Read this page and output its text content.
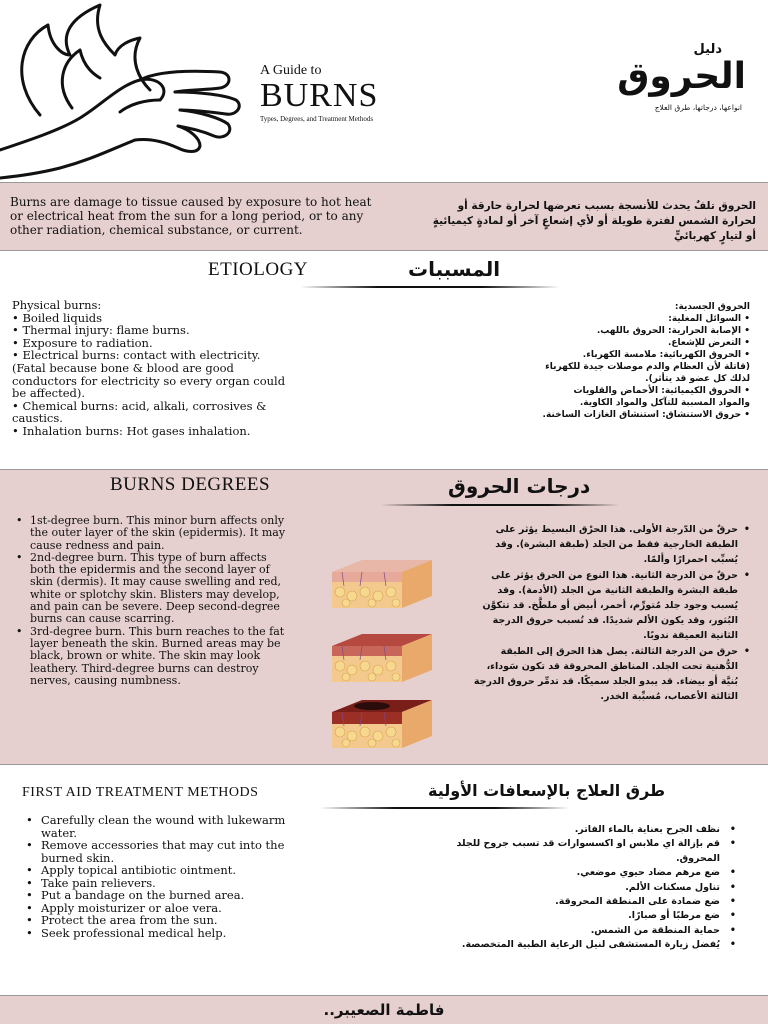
A Guide to
BURNS
Types, Degrees, and Treatment Methods
دليل
الحروق
انواعها، درجاتها، طرق العلاج
Burns are damage to tissue caused by exposure to hot heat or electrical heat from the sun for a long period, or to any other radiation, chemical substance, or current.
الحروق تلفٌ يحدث للأنسجة بسبب تعرضها لحرارة حارقة أو لحرارة الشمس لفترة طويلة أو لأي إشعاعٍ آخر أو لمادةٍ كيميائيةٍ أو لتيارٍ كهربائيٍّ
ETIOLOGY	المسببات
Physical burns:
• Boiled liquids
• Thermal injury: flame burns.
• Exposure to radiation.
• Electrical burns: contact with electricity. (Fatal because bone & blood are good conductors for electricity so every organ could be affected).
• Chemical burns: acid, alkali, corrosives & caustics.
• Inhalation burns: Hot gases inhalation.
الحروق الجسدية:
• السوائل المغلية:
• الإصابة الحرارية: الحروق باللهب.
• التعرض للإشعاع.
• الحروق الكهربائية: ملامسة الكهرباء.
(قاتلة لأن العظام والدم موصلات جيدة للكهرباء لذلك كل عضو قد يتأثر).
• الحروق الكيميائية: الأحماض والقلويات والمواد المسببة للتآكل والمواد الكاوية.
• حروق الاستنشاق: استنشاق الغازات الساخنة.
BURNS DEGREES	درجات الحروق
• 1st-degree burn. This minor burn affects only the outer layer of the skin (epidermis). It may cause redness and pain.
• 2nd-degree burn. This type of burn affects both the epidermis and the second layer of skin (dermis). It may cause swelling and red, white or splotchy skin. Blisters may develop, and pain can be severe. Deep second-degree burns can cause scarring.
• 3rd-degree burn. This burn reaches to the fat layer beneath the skin. Burned areas may be black, brown or white. The skin may look leathery. Third-degree burns can destroy nerves, causing numbness.
• حرقٌ من الدّرجة الأولى. هذا الحرْق البسيط يؤثر على الطبقة الخارجية فقط من الجلد (طبقة البشرة). وقد يُسبِّب احمرارًا وألمًا.
• حرقٌ من الدرجة الثانية. هذا النوع من الحرق يؤثر على طبقة البشرة والطبقة الثانية من الجلد (الأدمة). وقد يُسبب وجود جلد مُتورِّم، أحمر، أبيض أو ملطَّخ. قد تتكوَّن البُثور، وقد يكون الألم شديدًا. قد تُسبب حروق الدرجة الثانية العميقة ندوبًا.
• حرق من الدرجة الثالثة. يصل هذا الحرق إلى الطبقة الدُّهنية تحت الجلد. المناطق المحروقة قد تكون سَوداء، بُنيَّة أو بيضاء. قد يبدو الجلد سميكًا. قد تدمِّر حروق الدرجة الثالثة الأعصاب، مُسبِّبة الخدر.
FIRST AID TREATMENT METHODS	طرق العلاج بالإسعافات الأولية
• Carefully clean the wound with lukewarm water.
• Remove accessories that may cut into the burned skin.
• Apply topical antibiotic ointment.
• Take pain relievers.
• Put a bandage on the burned area.
• Apply moisturizer or aloe vera.
• Protect the area from the sun.
• Seek professional medical help.
• نظف الجرح بعناية بالماء الفاتر.
• قم بإزالة اي ملابس او اكسسوارات قد تسبب جروح للجلد المحروق.
• ضع مرهم مضاد حيوي موضعي.
• تناول مسكنات الألم.
• ضع ضمادة على المنطقة المحروقة.
• ضع مرطبًا أو صبارًا.
• حماية المنطقة من الشمس.
• يُفضل زيارة المستشفى لنيل الرعاية الطبية المتخصصة.
فاطمة الصعيبر..
